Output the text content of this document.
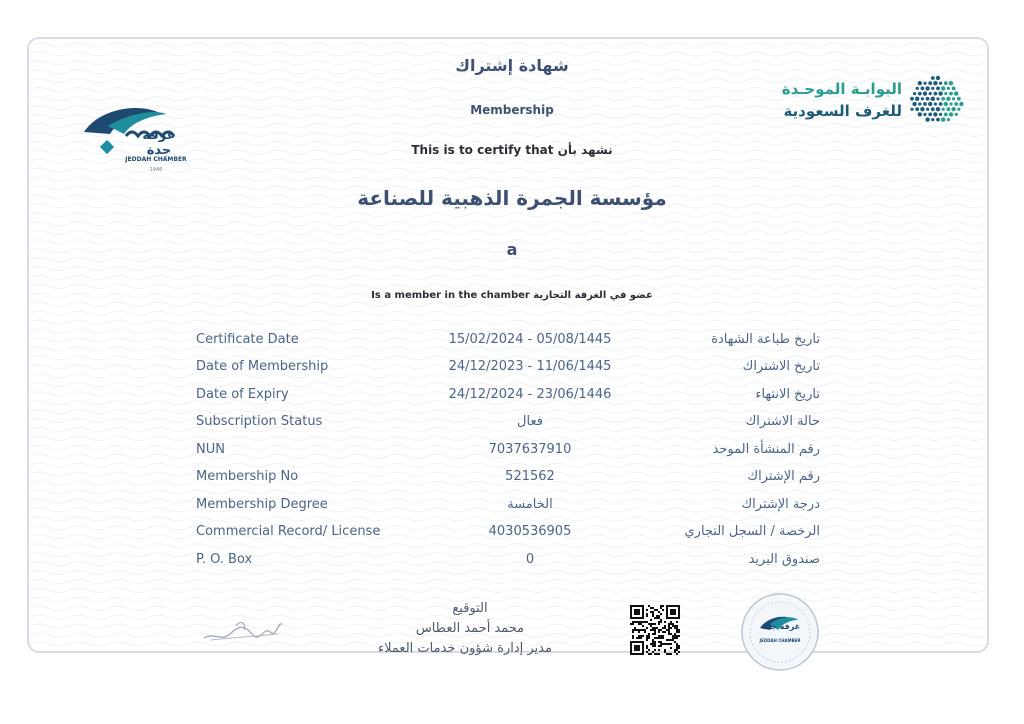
غرفة جدة
JEDDAH CHAMBER
1946
البوابـة الموحـدة
للغرف السعودية
شهادة إشتراك
Membership
This is to certify that نشهد بأن
مؤسسة الجمرة الذهبية للصناعة
a
Is a member in the chamber عضو في الغرفة التجارية
Certificate Date	15/02/2024 - 05/08/1445	تاريخ طباعة الشهادة
Date of Membership	24/12/2023 - 11/06/1445	تاريخ الاشتراك
Date of Expiry	24/12/2024 - 23/06/1446	تاريخ الانتهاء
Subscription Status	فعال	حالة الاشتراك
NUN	7037637910	رقم المنشأة الموحد
Membership No	521562	رقم الإشتراك
Membership Degree	الخامسة	درجة الإشتراك
Commercial Record/ License	4030536905	الرخصة / السجل التجاري
P. O. Box	0	صندوق البريد
التوقيع
محمد أحمد العطاس
مدير إدارة شؤون خدمات العملاء
غرفة جدة
JEDDAH CHAMBER
